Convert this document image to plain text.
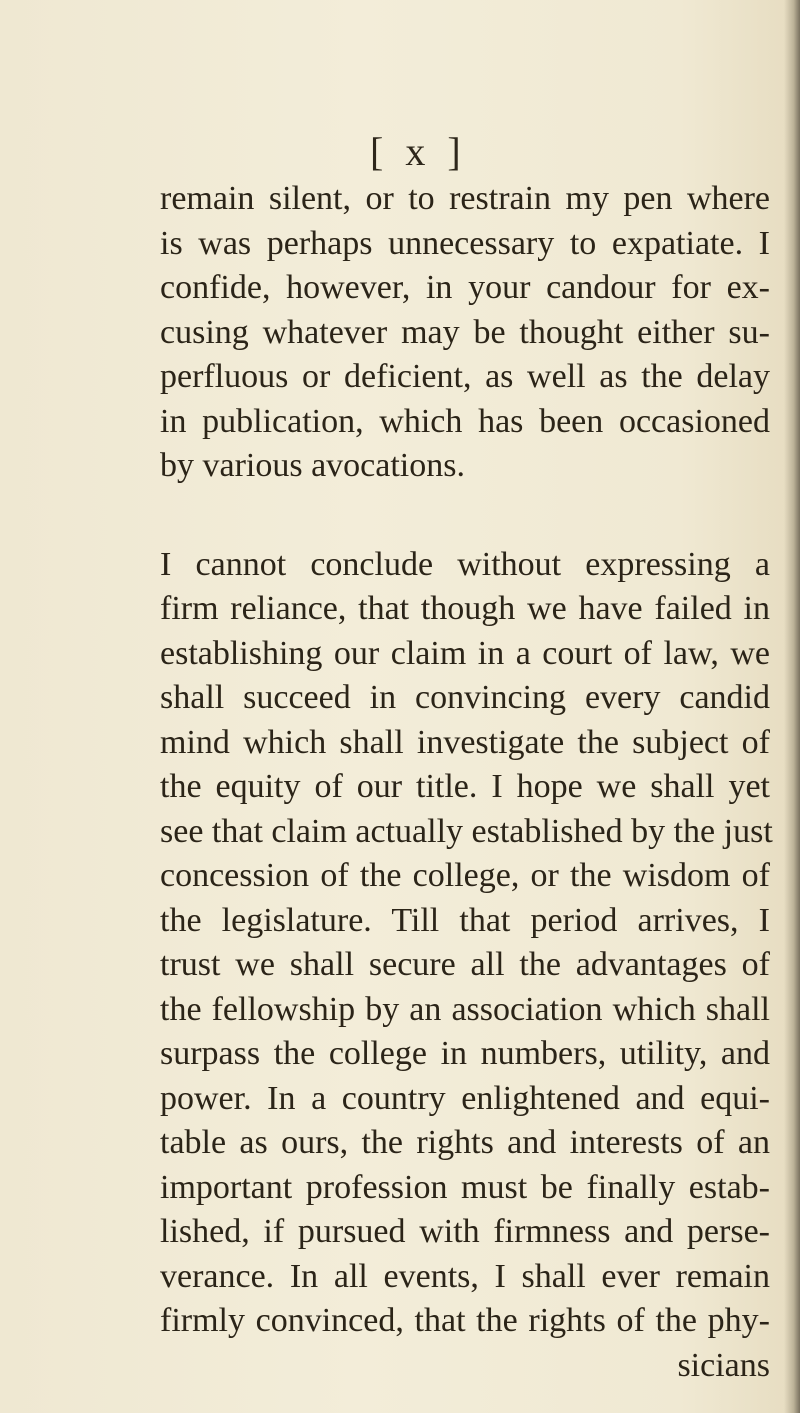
[ x ]
remain silent, or to restrain my pen where
is was perhaps unnecessary to expatiate. I
confide, however, in your candour for ex-
cusing whatever may be thought either su-
perfluous or deficient, as well as the delay
in publication, which has been occasioned
by various avocations.
I cannot conclude without expressing a
firm reliance, that though we have failed in
establishing our claim in a court of law, we
shall succeed in convincing every candid
mind which shall investigate the subject of
the equity of our title. I hope we shall yet
see that claim actually established by the just
concession of the college, or the wisdom of
the legislature. Till that period arrives, I
trust we shall secure all the advantages of
the fellowship by an association which shall
surpass the college in numbers, utility, and
power. In a country enlightened and equi-
table as ours, the rights and interests of an
important profession must be finally estab-
lished, if pursued with firmness and perse-
verance. In all events, I shall ever remain
firmly convinced, that the rights of the phy-
sicians
